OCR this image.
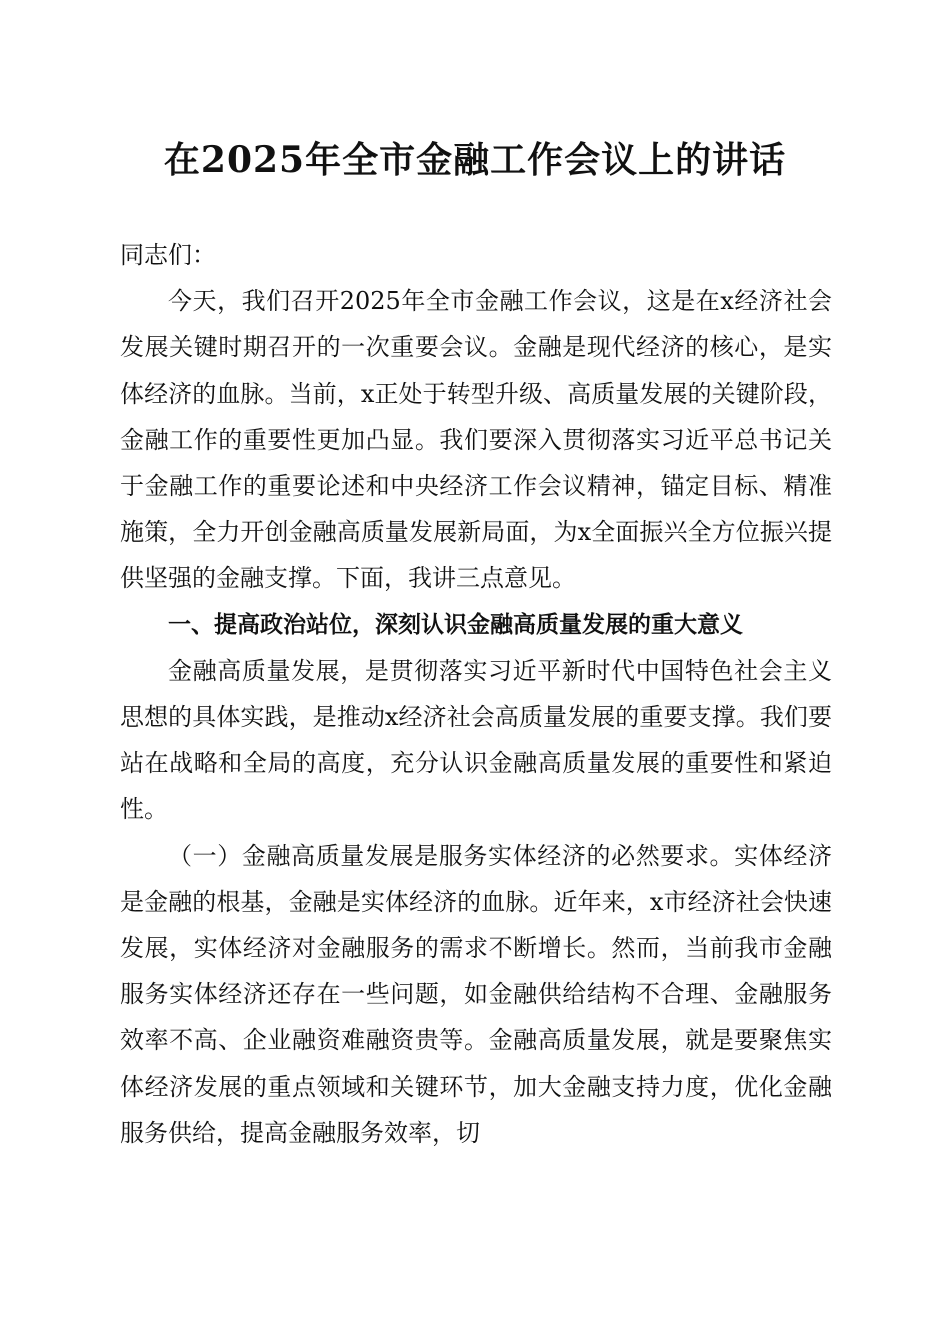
在2025年全市金融工作会议上的讲话

同志们：

今天，我们召开2025年全市金融工作会议，这是在x经济社会发展关键时期召开的一次重要会议。金融是现代经济的核心，是实体经济的血脉。当前，x正处于转型升级、高质量发展的关键阶段，金融工作的重要性更加凸显。我们要深入贯彻落实习近平总书记关于金融工作的重要论述和中央经济工作会议精神，锚定目标、精准施策，全力开创金融高质量发展新局面，为x全面振兴全方位振兴提供坚强的金融支撑。下面，我讲三点意见。

一、提高政治站位，深刻认识金融高质量发展的重大意义

金融高质量发展，是贯彻落实习近平新时代中国特色社会主义思想的具体实践，是推动x经济社会高质量发展的重要支撑。我们要站在战略和全局的高度，充分认识金融高质量发展的重要性和紧迫性。

（一）金融高质量发展是服务实体经济的必然要求。实体经济是金融的根基，金融是实体经济的血脉。近年来，x市经济社会快速发展，实体经济对金融服务的需求不断增长。然而，当前我市金融服务实体经济还存在一些问题，如金融供给结构不合理、金融服务效率不高、企业融资难融资贵等。金融高质量发展，就是要聚焦实体经济发展的重点领域和关键环节，加大金融支持力度，优化金融服务供给，提高金融服务效率，切
